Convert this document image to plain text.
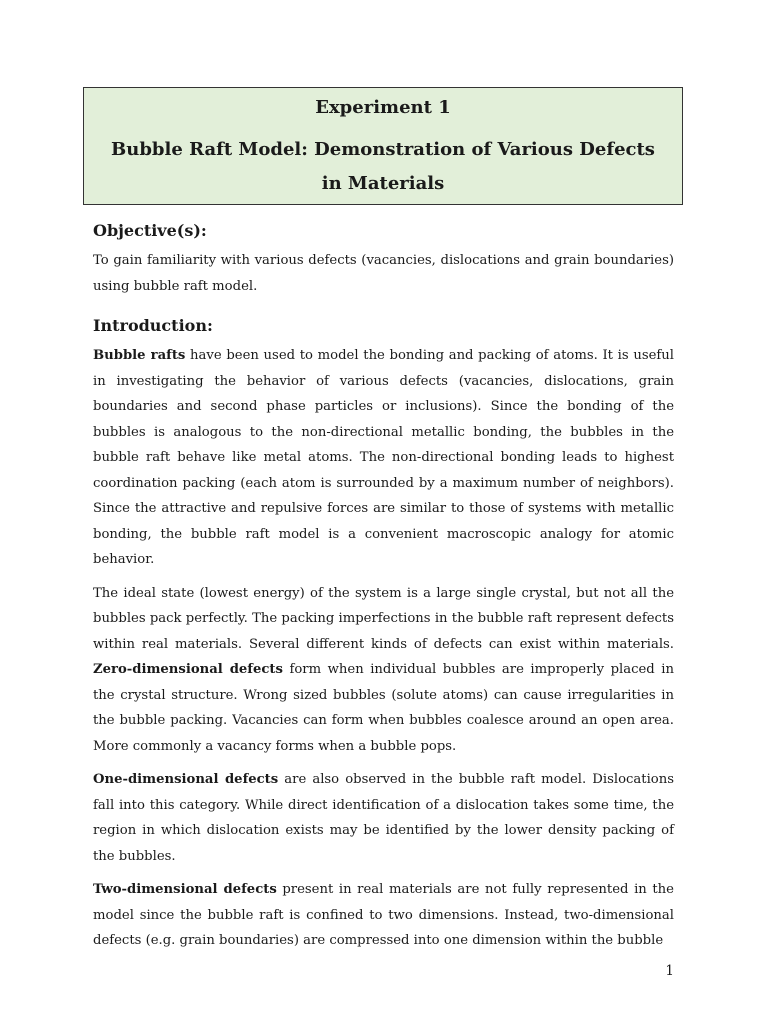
Experiment 1
Bubble Raft Model: Demonstration of Various Defects in Materials
Objective(s):

To gain familiarity with various defects (vacancies, dislocations and grain boundaries) using bubble raft model.

Introduction:

Bubble rafts have been used to model the bonding and packing of atoms. It is useful in investigating the behavior of various defects (vacancies, dislocations, grain boundaries and second phase particles or inclusions). Since the bonding of the bubbles is analogous to the non-directional metallic bonding, the bubbles in the bubble raft behave like metal atoms. The non-directional bonding leads to highest coordination packing (each atom is surrounded by a maximum number of neighbors). Since the attractive and repulsive forces are similar to those of systems with metallic bonding, the bubble raft model is a convenient macroscopic analogy for atomic behavior.

The ideal state (lowest energy) of the system is a large single crystal, but not all the bubbles pack perfectly. The packing imperfections in the bubble raft represent defects within real materials. Several different kinds of defects can exist within materials. Zero-dimensional defects form when individual bubbles are improperly placed in the crystal structure. Wrong sized bubbles (solute atoms) can cause irregularities in the bubble packing. Vacancies can form when bubbles coalesce around an open area. More commonly a vacancy forms when a bubble pops.

One-dimensional defects are also observed in the bubble raft model. Dislocations fall into this category. While direct identification of a dislocation takes some time, the region in which dislocation exists may be identified by the lower density packing of the bubbles.

Two-dimensional defects present in real materials are not fully represented in the model since the bubble raft is confined to two dimensions. Instead, two-dimensional defects (e.g. grain boundaries) are compressed into one dimension within the bubble

1
